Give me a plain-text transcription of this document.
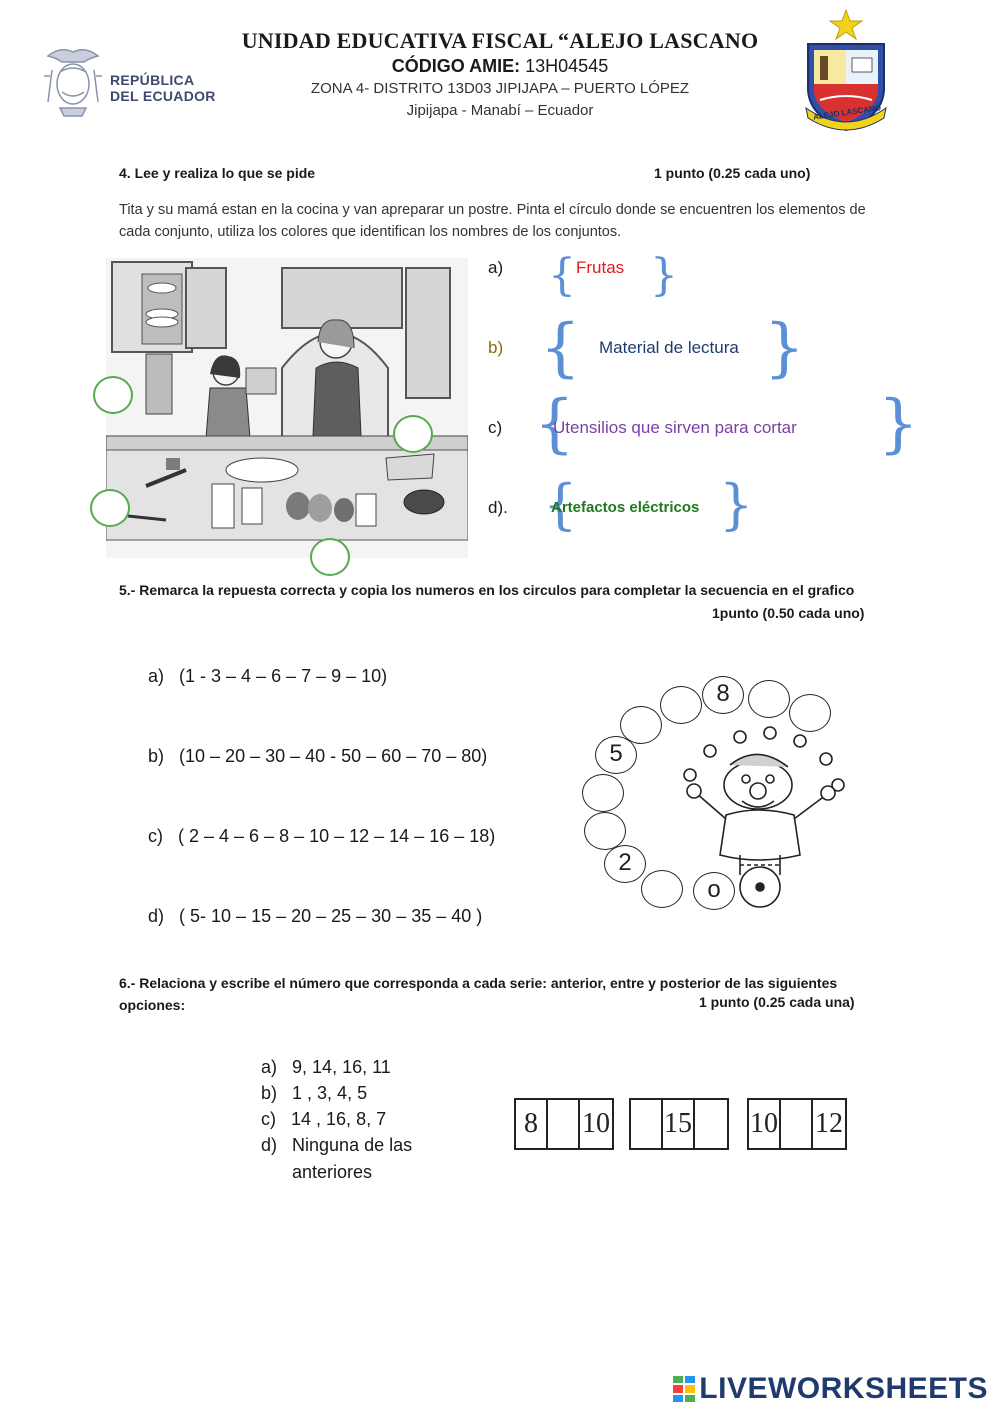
REPÚBLICA
DEL ECUADOR
UNIDAD EDUCATIVA FISCAL “ALEJO LASCANO
CÓDIGO AMIE: 13H04545
ZONA 4- DISTRITO 13D03 JIPIJAPA – PUERTO LÓPEZ
Jipijapa - Manabí – Ecuador	ALEJO LASCANO
4. Lee y realiza lo que se pide	1 punto (0.25 cada uno)
Tita y su mamá estan en la cocina y van apreparar un postre. Pinta el círculo donde se encuentren los elementos de cada conjunto, utiliza los colores que identifican los nombres de los conjuntos.
a) { Frutas }
b) { Material de lectura }
c) {
Utensilios que sirven para cortar }
d). {
Artefactos eléctricos }
5.- Remarca la repuesta correcta y copia los numeros en los circulos para completar la secuencia en el grafico
1punto (0.50 cada uno)
a) (1 - 3 – 4 – 6 – 7 – 9 – 10)
b) (10 – 20 – 30 – 40 - 50 – 60 – 70 – 80)
c) ( 2 – 4 – 6 – 8 – 10 – 12 – 14 – 16 – 18)
d) ( 5- 10 – 15 – 20 – 25 – 30 – 35 – 40 )
8
5
2
o
6.- Relaciona y escribe el número que corresponda a cada serie: anterior, entre y posterior de las siguientes opciones:	1 punto (0.25 cada una)
a) 9, 14, 16, 11
b) 1 , 3, 4, 5
c) 14 , 16, 8, 7
d) Ninguna de las
anteriores
8	10 15 10 12
LIVEWORKSHEETS
